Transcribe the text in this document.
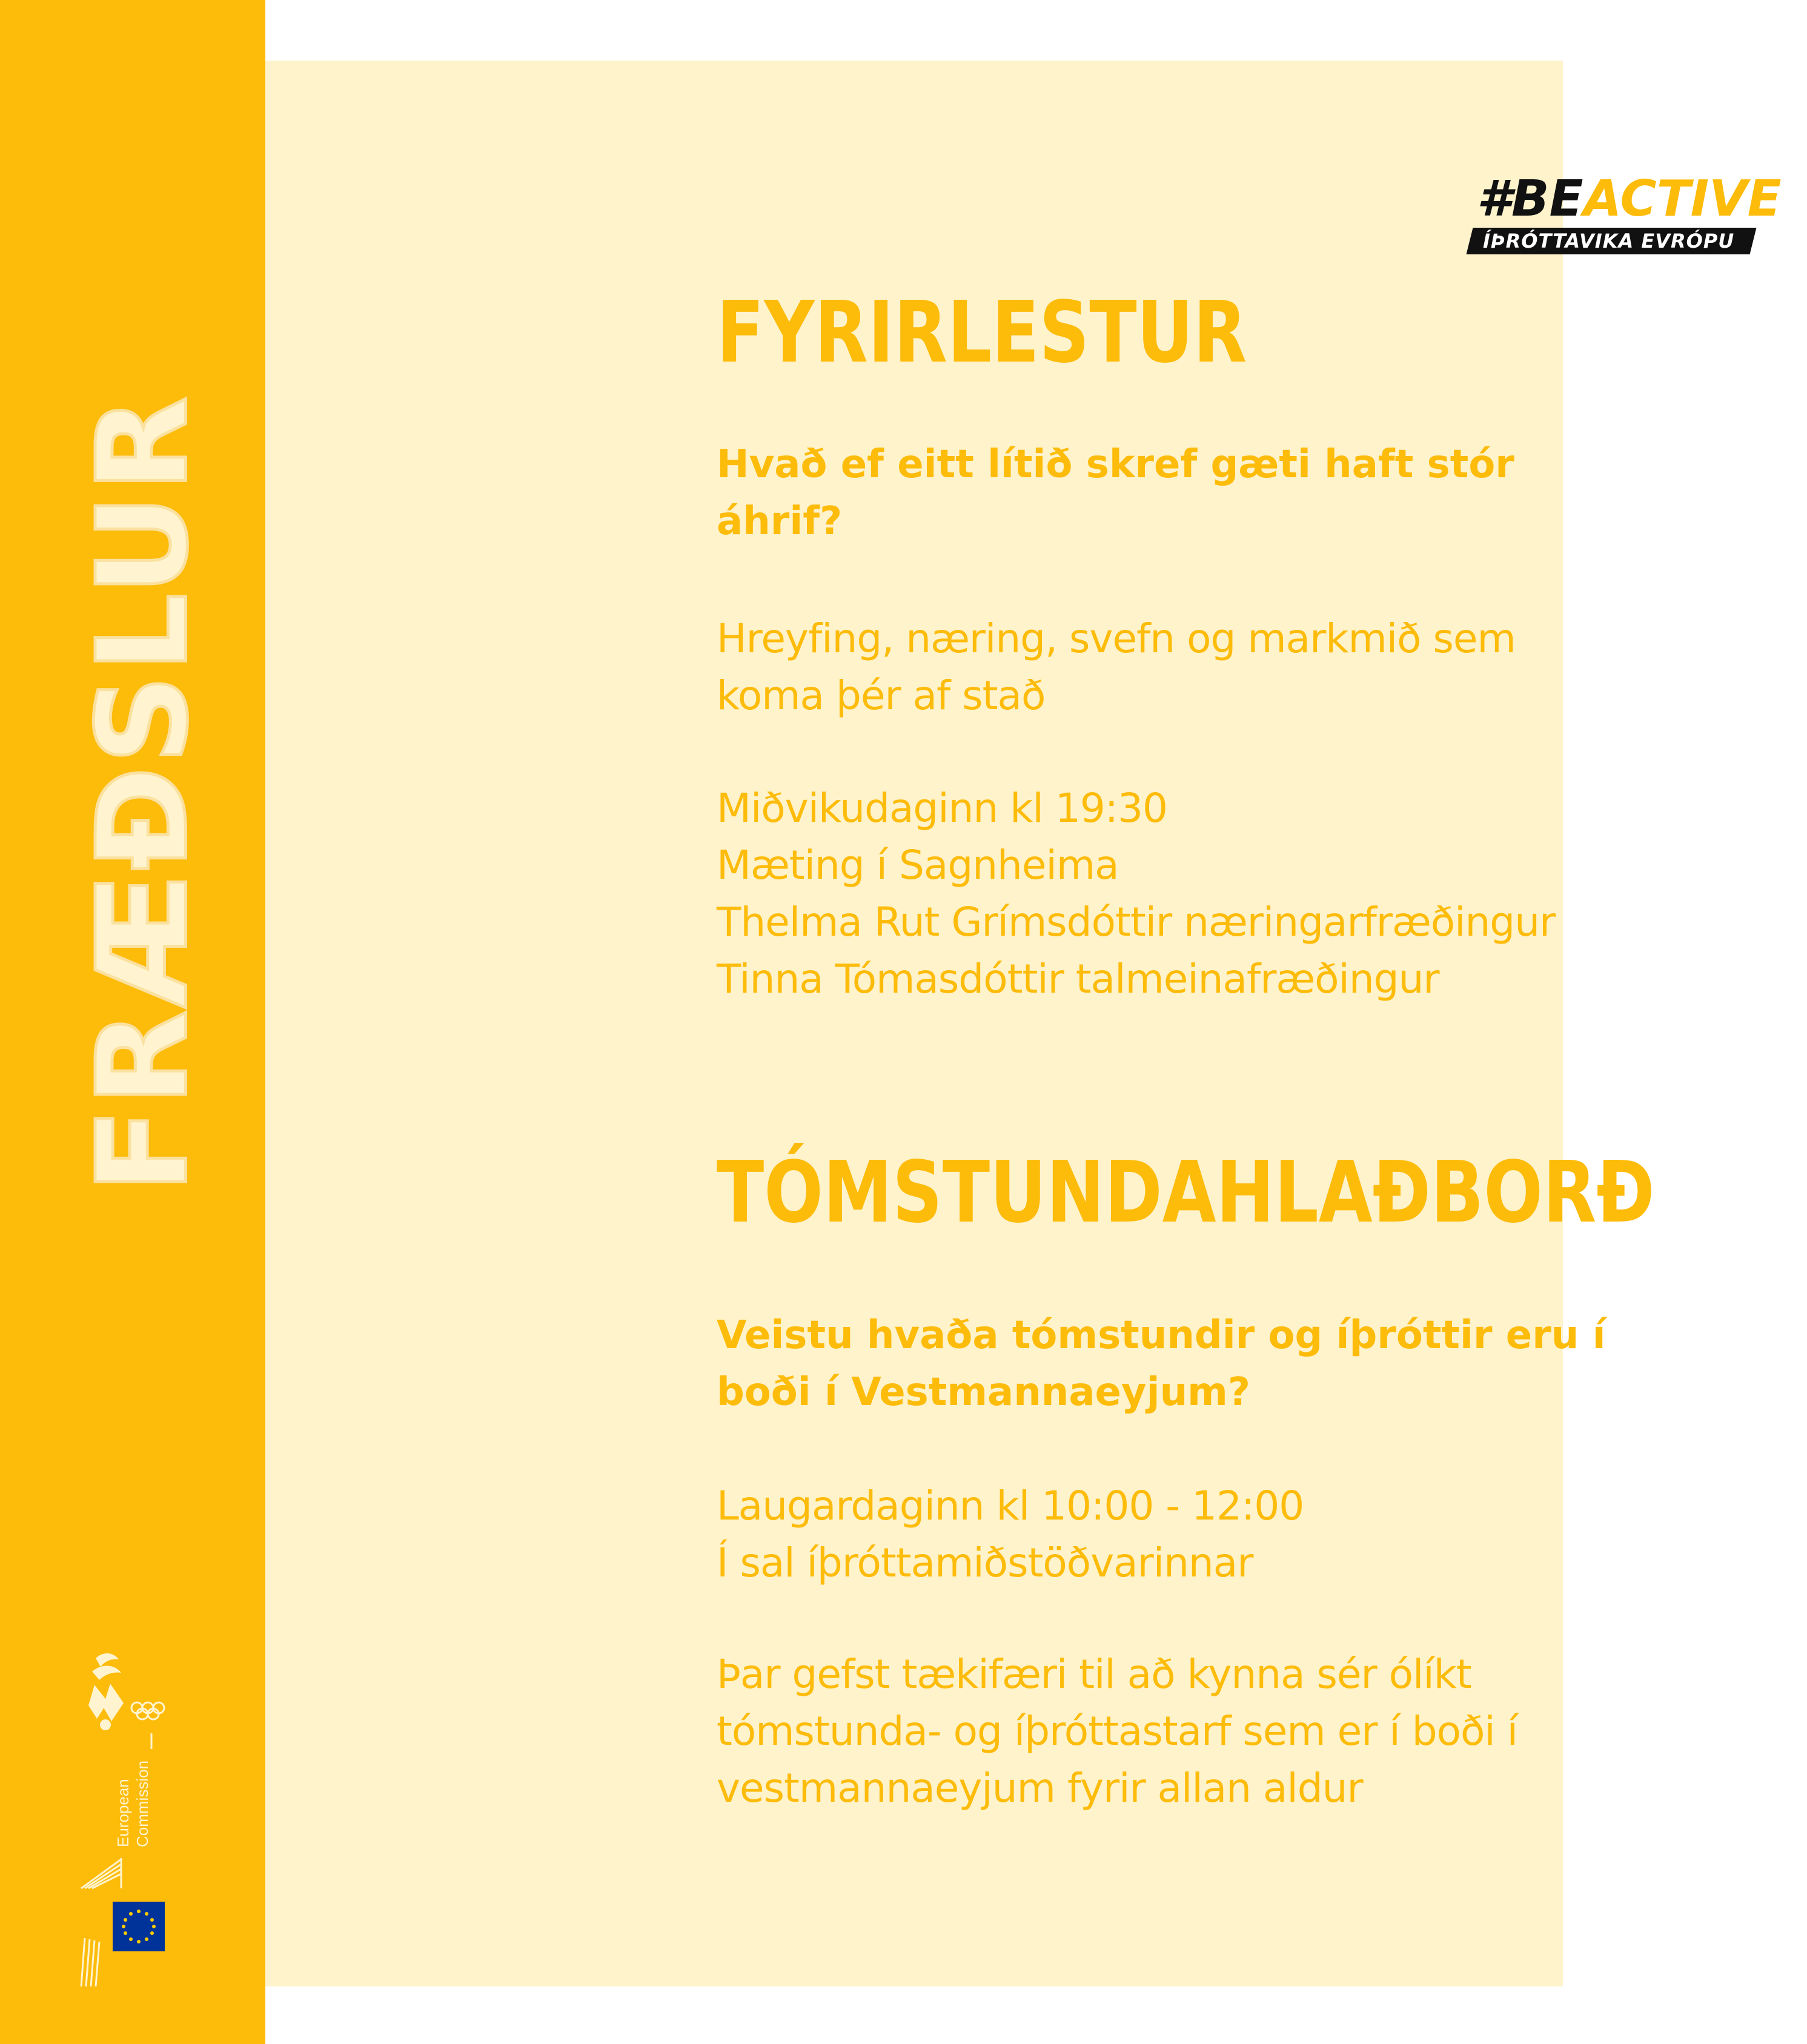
FRÆÐSLUR
European Commission
#BEACTIVE
ÍÞRÓTTAVIKA EVRÓPU
FYRIRLESTUR

Hvað ef eitt lítið skref gæti haft stór
áhrif?

Hreyfing, næring, svefn og markmið sem
koma þér af stað
Miðvikudaginn kl 19:30
Mæting í Sagnheima
Thelma Rut Grímsdóttir næringarfræðingur
Tinna Tómasdóttir talmeinafræðingur
TÓMSTUNDAHLAÐBORÐ

Veistu hvaða tómstundir og íþróttir eru í
boði í Vestmannaeyjum?

Laugardaginn kl 10:00 - 12:00
Í sal íþróttamiðstöðvarinnar
Þar gefst tækifæri til að kynna sér ólíkt
tómstunda- og íþróttastarf sem er í boði í
vestmannaeyjum fyrir allan aldur
